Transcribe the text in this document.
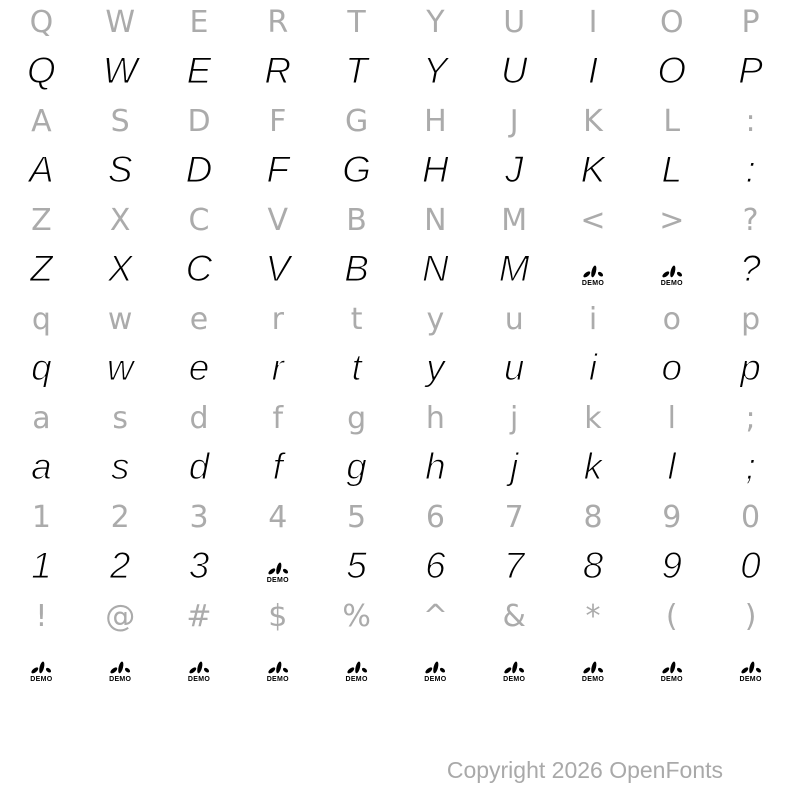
Q
Q
W
W
E
E
R
R
T
T
Y
Y
U
U
I
I
O
O
P
P
A
A
S
S
D
D
F
F
G
G
H
H
J
J
K
K
L
L
:
:
Z
Z
X
X
C
C
V
V
B
B
N
N
M
M
<
DEMO
>
DEMO
?
?
q
q
w
w
e
e
r
r
t
t
y
y
u
u
i
i
o
o
p
p
a
a
s
s
d
d
f
f
g
g
h
h
j
j
k
k
l
l
;
;
1
1
2
2
3
3
4
DEMO
5
5
6
6
7
7
8
8
9
9
0
0
!
DEMO
@
DEMO
#
DEMO
$
DEMO
%
DEMO
^
DEMO
&
DEMO
*
DEMO
(
DEMO
)
DEMO
Copyright 2026 OpenFonts
